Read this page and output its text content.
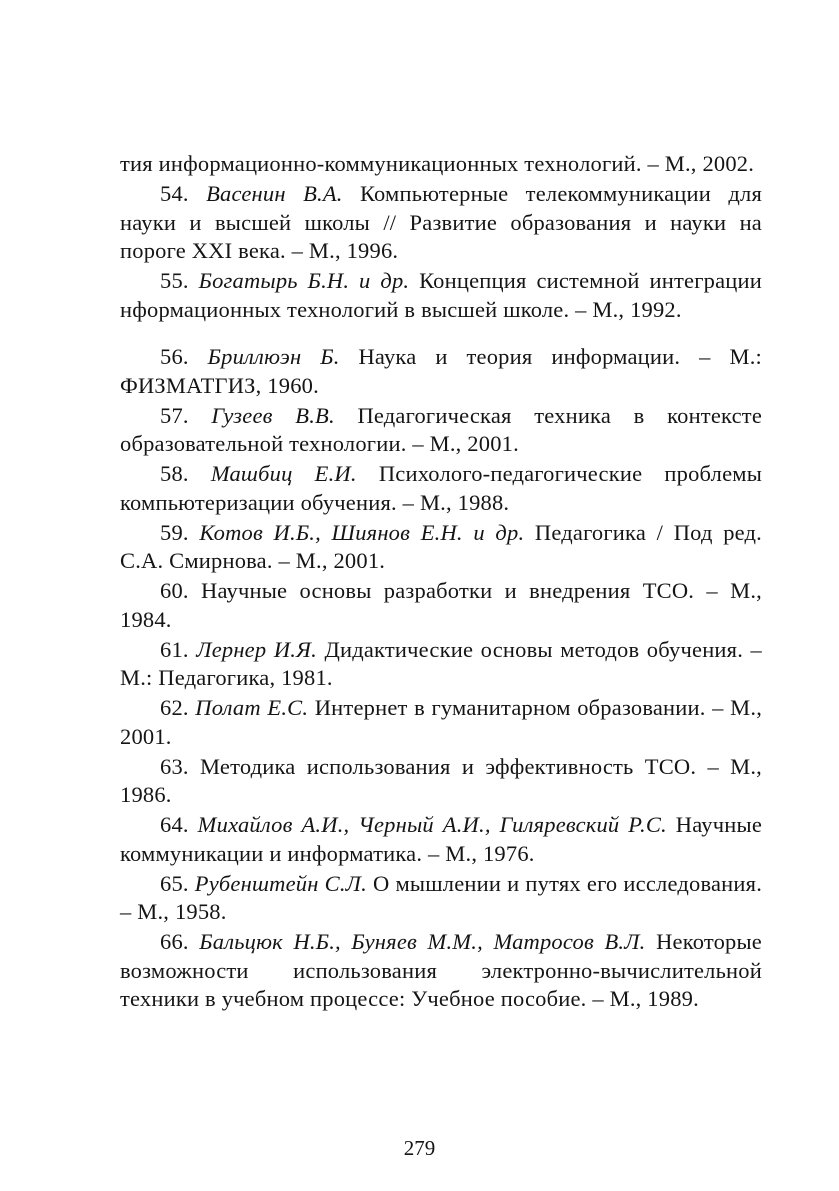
тия информационно-коммуникационных технологий. – М., 2002.

54. Васенин В.А. Компьютерные телекоммуникации для науки и высшей школы // Развитие образования и науки на пороге XXI века. – М., 1996.

55. Богатырь Б.Н. и др. Концепция системной интеграции нформационных технологий в высшей школе. – М., 1992.

56. Бриллюэн Б. Наука и теория информации. – М.: ФИЗМАТГИЗ, 1960.

57. Гузеев В.В. Педагогическая техника в контексте образовательной технологии. – М., 2001.

58. Машбиц Е.И. Психолого-педагогические проблемы компьютеризации обучения. – М., 1988.

59. Котов И.Б., Шиянов Е.Н. и др. Педагогика / Под ред. С.А. Смирнова. – М., 2001.

60. Научные основы разработки и внедрения ТСО. – М., 1984.

61. Лернер И.Я. Дидактические основы методов обучения. – М.: Педагогика, 1981.

62. Полат Е.С. Интернет в гуманитарном образовании. – М., 2001.

63. Методика использования и эффективность ТСО. – М., 1986.

64. Михайлов А.И., Черный А.И., Гиляревский Р.С. Научные коммуникации и информатика. – М., 1976.

65. Рубенштейн С.Л. О мышлении и путях его исследования. – М., 1958.

66. Бальцюк Н.Б., Буняев М.М., Матросов В.Л. Некоторые возможности использования электронно-вычислительной техники в учебном процессе: Учебное пособие. – М., 1989.

279
